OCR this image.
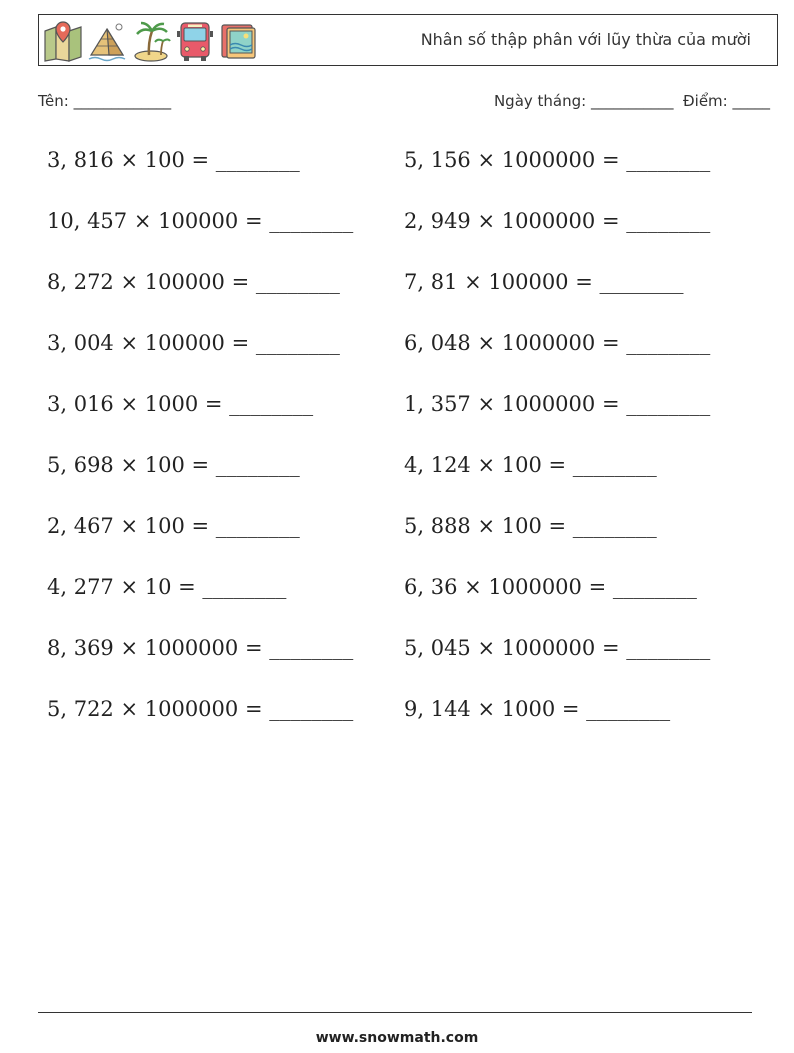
Nhân số thập phân với lũy thừa của mười
Tên: _____________	Ngày tháng: ___________ Điểm: _____
3, 816 × 100 = ________	5, 156 × 1000000 = ________
10, 457 × 100000 = ________ 2, 949 × 1000000 = ________
8, 272 × 100000 = ________	7, 81 × 100000 = ________
3, 004 × 100000 = ________	6, 048 × 1000000 = ________
3, 016 × 1000 = ________	1, 357 × 1000000 = ________
5, 698 × 100 = ________	4, 124 × 100 = ________
2, 467 × 100 = ________	5, 888 × 100 = ________
4, 277 × 10 = ________	6, 36 × 1000000 = ________
8, 369 × 1000000 = ________ 5, 045 × 1000000 = ________
5, 722 × 1000000 = ________ 9, 144 × 1000 = ________
www.snowmath.com
